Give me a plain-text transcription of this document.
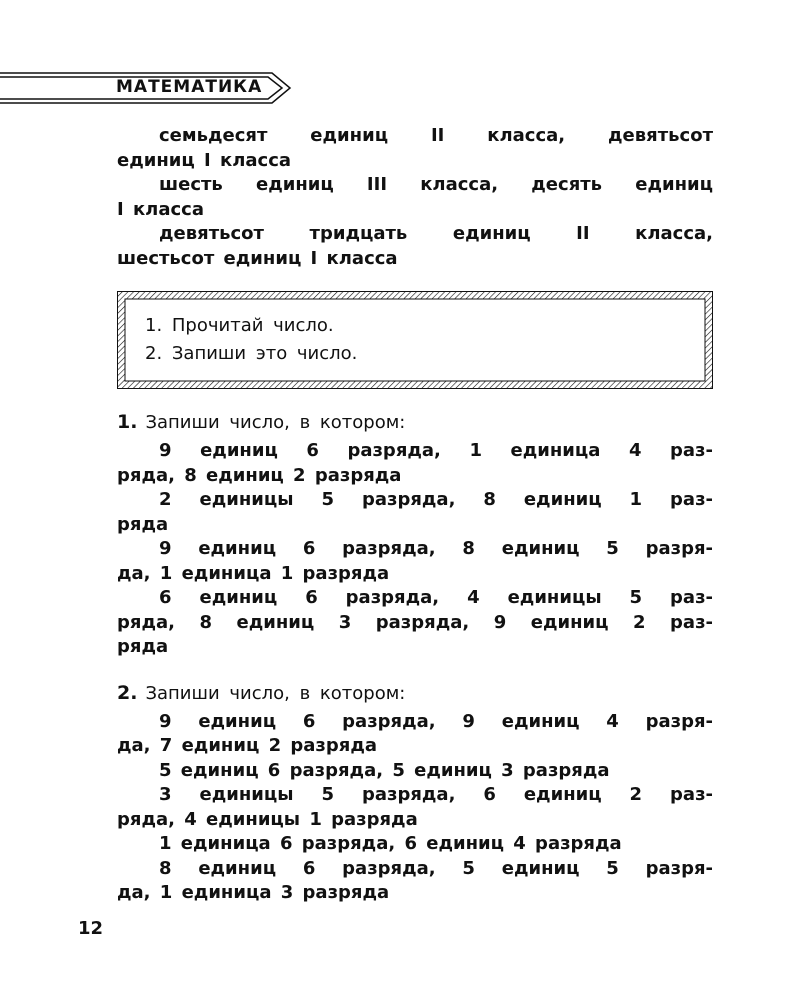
МАТЕМАТИКА

семьдесят единиц II класса, девятьсот
единиц I класса

шесть единиц III класса, десять единиц
I класса

девятьсот тридцать единиц II класса,
шестьсот единиц I класса

1. Прочитай число.
2. Запиши это число.
1. Запиши число, в котором:

9 единиц 6 разряда, 1 единица 4 раз-
ряда, 8 единиц 2 разряда

2 единицы 5 разряда, 8 единиц 1 раз-
ряда

9 единиц 6 разряда, 8 единиц 5 разря-
да, 1 единица 1 разряда

6 единиц 6 разряда, 4 единицы 5 раз-
ряда, 8 единиц 3 разряда, 9 единиц 2 раз-
ряда

2. Запиши число, в котором:

9 единиц 6 разряда, 9 единиц 4 разря-
да, 7 единиц 2 разряда

5 единиц 6 разряда, 5 единиц 3 разряда

3 единицы 5 разряда, 6 единиц 2 раз-
ряда, 4 единицы 1 разряда

1 единица 6 разряда, 6 единиц 4 разряда

8 единиц 6 разряда, 5 единиц 5 разря-
да, 1 единица 3 разряда

12
